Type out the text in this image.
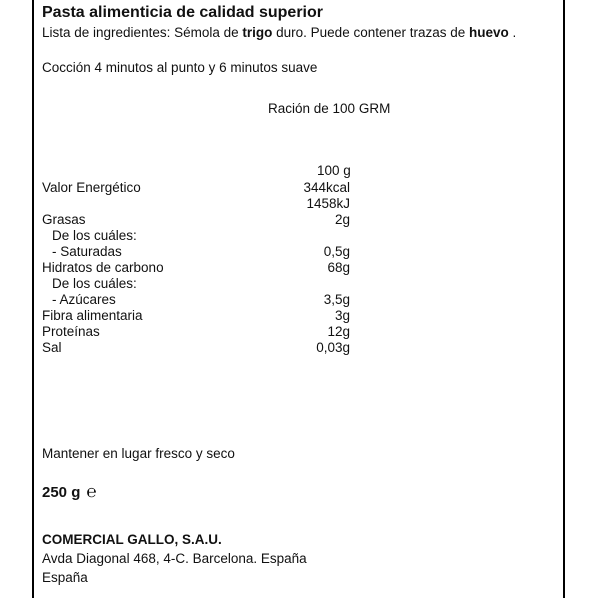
Pasta alimenticia de calidad superior
Lista de ingredientes: Sémola de trigo duro. Puede contener trazas de huevo .
Cocción 4 minutos al punto y 6 minutos suave
Ración de 100 GRM
100 g
Valor Energético	344kcal
1458kJ
Grasas	2g
De los cuáles:
- Saturadas	0,5g
Hidratos de carbono	68g
De los cuáles:
- Azúcares	3,5g
Fibra alimentaria	3g
Proteínas	12g
Sal	0,03g
Mantener en lugar fresco y seco
250 g ℮
COMERCIAL GALLO, S.A.U.
Avda Diagonal 468, 4-C. Barcelona. España
España
